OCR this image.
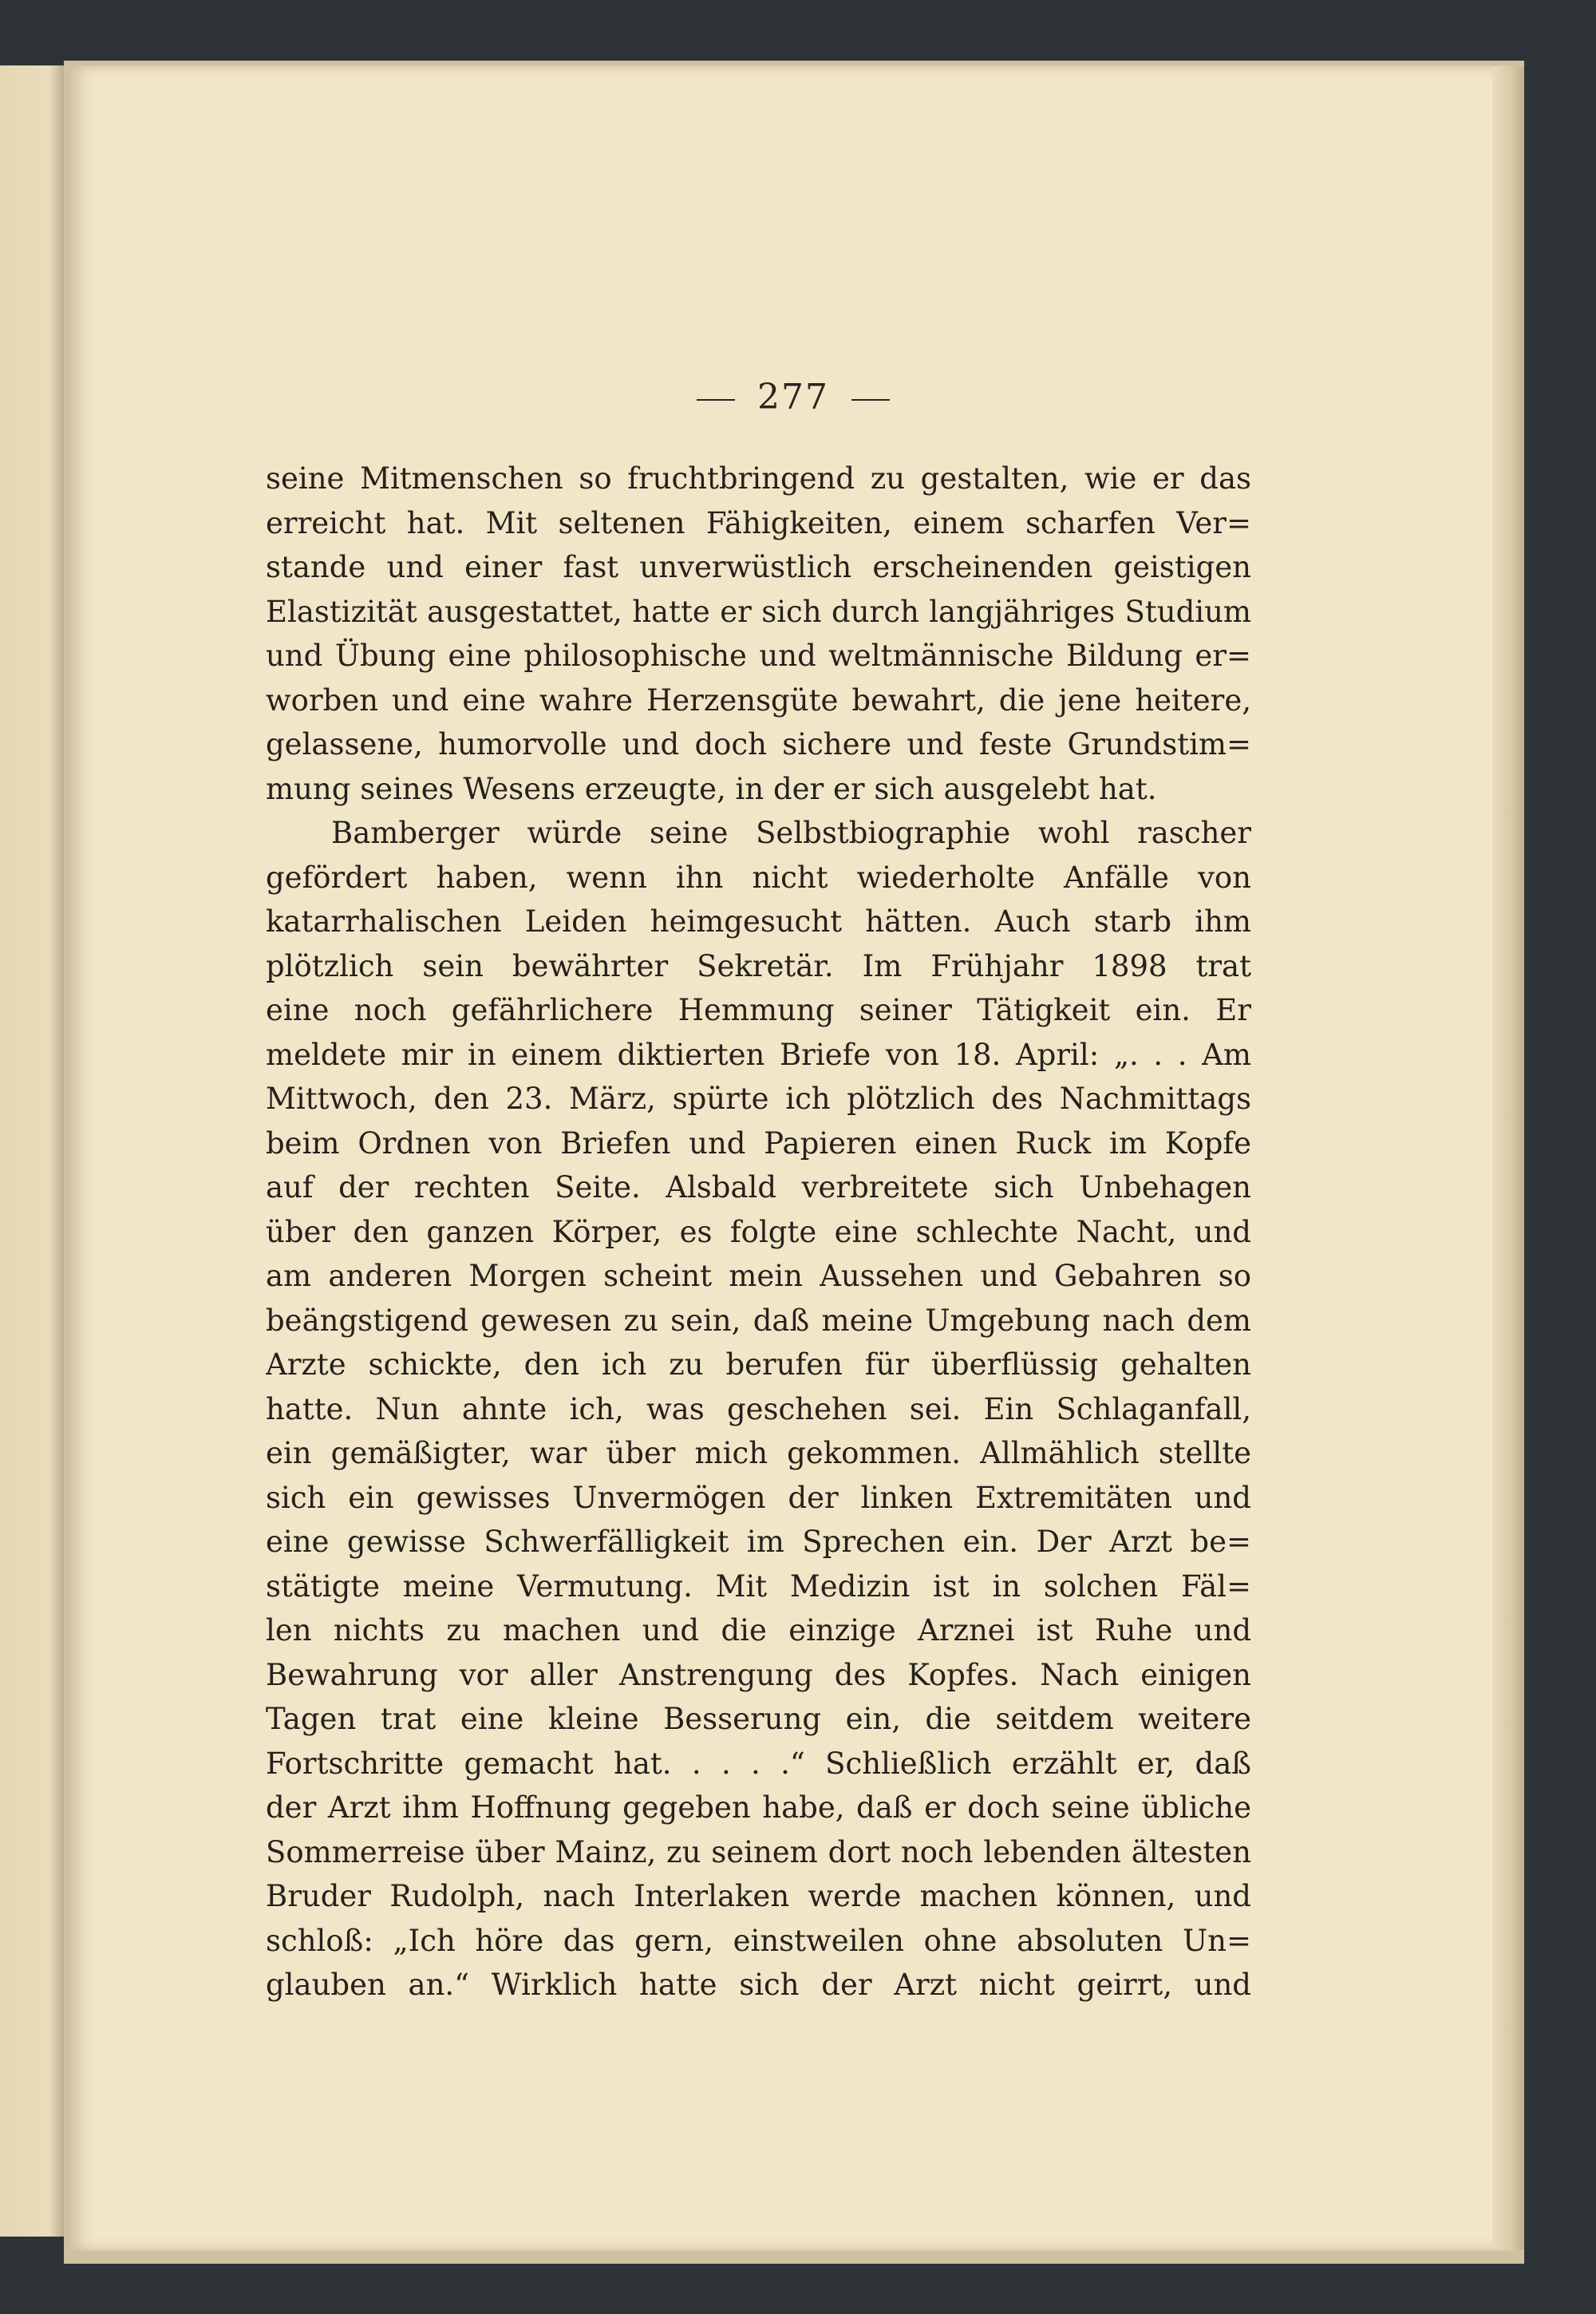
277
seine Mitmenschen so fruchtbringend zu gestalten, wie er das
erreicht hat. Mit seltenen Fähigkeiten, einem scharfen Ver=
stande und einer fast unverwüstlich erscheinenden geistigen
Elastizität ausgestattet, hatte er sich durch langjähriges Studium
und Übung eine philosophische und weltmännische Bildung er=
worben und eine wahre Herzensgüte bewahrt, die jene heitere,
gelassene, humorvolle und doch sichere und feste Grundstim=
mung seines Wesens erzeugte, in der er sich ausgelebt hat.
Bamberger würde seine Selbstbiographie wohl rascher
gefördert haben, wenn ihn nicht wiederholte Anfälle von
katarrhalischen Leiden heimgesucht hätten. Auch starb ihm
plötzlich sein bewährter Sekretär. Im Frühjahr 1898 trat
eine noch gefährlichere Hemmung seiner Tätigkeit ein. Er
meldete mir in einem diktierten Briefe von 18. April: „. . . Am
Mittwoch, den 23. März, spürte ich plötzlich des Nachmittags
beim Ordnen von Briefen und Papieren einen Ruck im Kopfe
auf der rechten Seite. Alsbald verbreitete sich Unbehagen
über den ganzen Körper, es folgte eine schlechte Nacht, und
am anderen Morgen scheint mein Aussehen und Gebahren so
beängstigend gewesen zu sein, daß meine Umgebung nach dem
Arzte schickte, den ich zu berufen für überflüssig gehalten
hatte. Nun ahnte ich, was geschehen sei. Ein Schlaganfall,
ein gemäßigter, war über mich gekommen. Allmählich stellte
sich ein gewisses Unvermögen der linken Extremitäten und
eine gewisse Schwerfälligkeit im Sprechen ein. Der Arzt be=
stätigte meine Vermutung. Mit Medizin ist in solchen Fäl=
len nichts zu machen und die einzige Arznei ist Ruhe und
Bewahrung vor aller Anstrengung des Kopfes. Nach einigen
Tagen trat eine kleine Besserung ein, die seitdem weitere
Fortschritte gemacht hat. . . . .“ Schließlich erzählt er, daß
der Arzt ihm Hoffnung gegeben habe, daß er doch seine übliche
Sommerreise über Mainz, zu seinem dort noch lebenden ältesten
Bruder Rudolph, nach Interlaken werde machen können, und
schloß: „Ich höre das gern, einstweilen ohne absoluten Un=
glauben an.“ Wirklich hatte sich der Arzt nicht geirrt, und
